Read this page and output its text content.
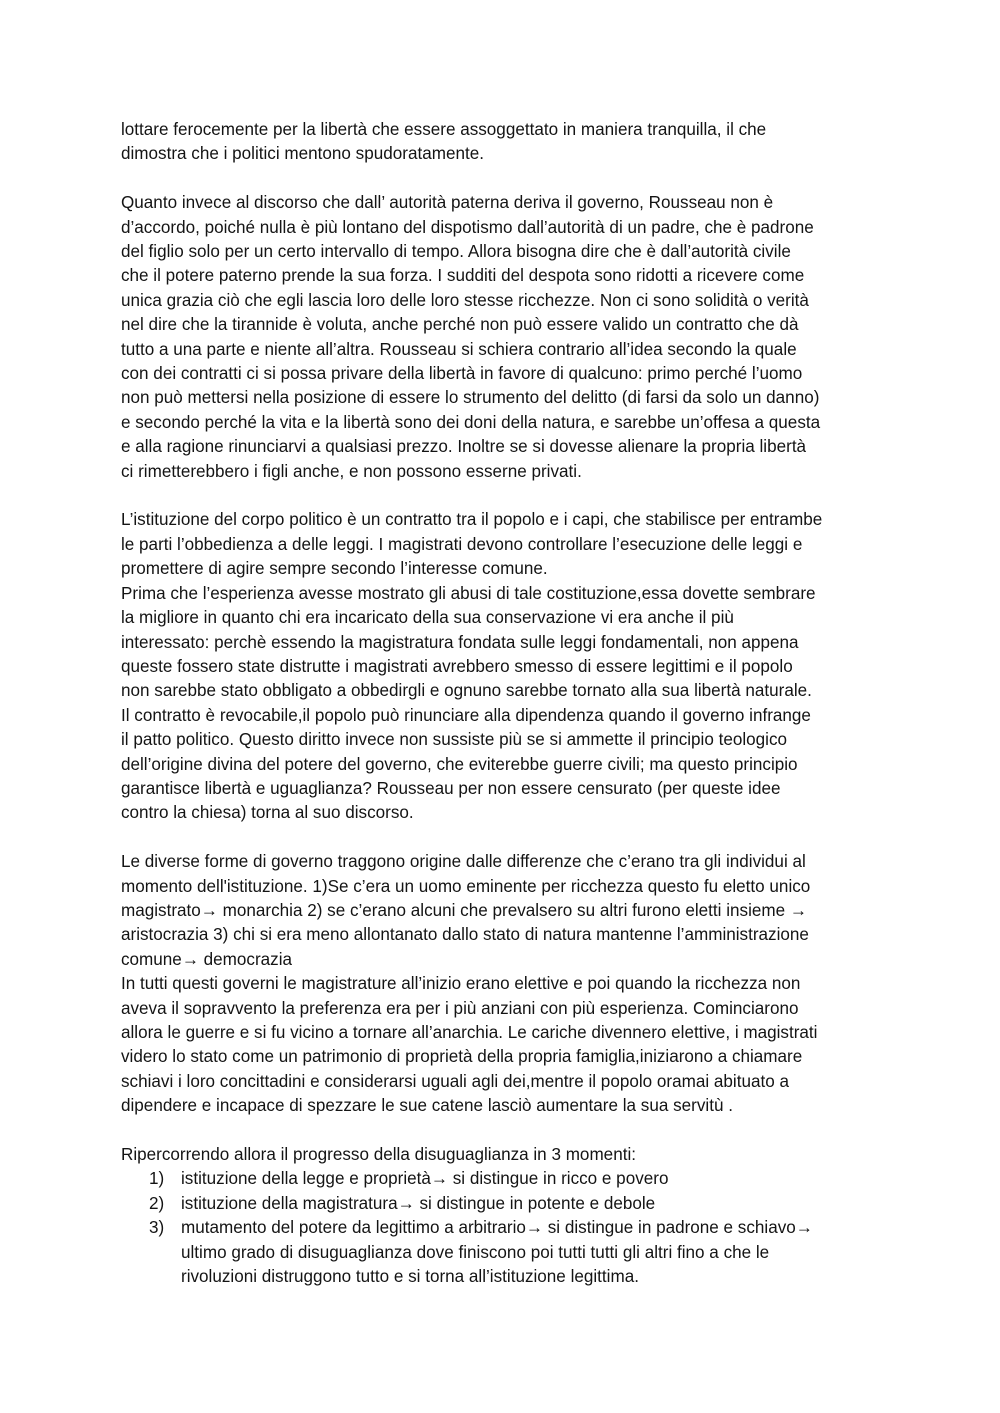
lottare ferocemente per la libertà che essere assoggettato in maniera tranquilla, il che
dimostra che i politici mentono spudoratamente.

Quanto invece al discorso che dall’ autorità paterna deriva il governo, Rousseau non è
d’accordo, poiché nulla è più lontano del dispotismo dall’autorità di un padre, che è padrone
del figlio solo per un certo intervallo di tempo. Allora bisogna dire che è dall’autorità civile
che il potere paterno prende la sua forza. I sudditi del despota sono ridotti a ricevere come
unica grazia ciò che egli lascia loro delle loro stesse ricchezze. Non ci sono solidità o verità
nel dire che la tirannide è voluta, anche perché non può essere valido un contratto che dà
tutto a una parte e niente all’altra. Rousseau si schiera contrario all’idea secondo la quale
con dei contratti ci si possa privare della libertà in favore di qualcuno: primo perché l’uomo
non può mettersi nella posizione di essere lo strumento del delitto (di farsi da solo un danno)
e secondo perché la vita e la libertà sono dei doni della natura, e sarebbe un’offesa a questa
e alla ragione rinunciarvi a qualsiasi prezzo. Inoltre se si dovesse alienare la propria libertà
ci rimetterebbero i figli anche, e non possono esserne privati.

L’istituzione del corpo politico è un contratto tra il popolo e i capi, che stabilisce per entrambe
le parti l’obbedienza a delle leggi. I magistrati devono controllare l’esecuzione delle leggi e
promettere di agire sempre secondo l’interesse comune.
Prima che l’esperienza avesse mostrato gli abusi di tale costituzione,essa dovette sembrare
la migliore in quanto chi era incaricato della sua conservazione vi era anche il più
interessato: perchè essendo la magistratura fondata sulle leggi fondamentali, non appena
queste fossero state distrutte i magistrati avrebbero smesso di essere legittimi e il popolo
non sarebbe stato obbligato a obbedirgli e ognuno sarebbe tornato alla sua libertà naturale.
Il contratto è revocabile,il popolo può rinunciare alla dipendenza quando il governo infrange
il patto politico. Questo diritto invece non sussiste più se si ammette il principio teologico
dell’origine divina del potere del governo, che eviterebbe guerre civili; ma questo principio
garantisce libertà e uguaglianza? Rousseau per non essere censurato (per queste idee
contro la chiesa) torna al suo discorso.

Le diverse forme di governo traggono origine dalle differenze che c’erano tra gli individui al
momento dell'istituzione. 1)Se c’era un uomo eminente per ricchezza questo fu eletto unico
magistrato→ monarchia 2) se c’erano alcuni che prevalsero su altri furono eletti insieme →
aristocrazia 3) chi si era meno allontanato dallo stato di natura mantenne l’amministrazione
comune→ democrazia
In tutti questi governi le magistrature all’inizio erano elettive e poi quando la ricchezza non
aveva il sopravvento la preferenza era per i più anziani con più esperienza. Cominciarono
allora le guerre e si fu vicino a tornare all’anarchia. Le cariche divennero elettive, i magistrati
videro lo stato come un patrimonio di proprietà della propria famiglia,iniziarono a chiamare
schiavi i loro concittadini e considerarsi uguali agli dei,mentre il popolo oramai abituato a
dipendere e incapace di spezzare le sue catene lasciò aumentare la sua servitù .

Ripercorrendo allora il progresso della disuguaglianza in 3 momenti:

1) istituzione della legge e proprietà→ si distingue in ricco e povero
2) istituzione della magistratura→ si distingue in potente e debole
3) mutamento del potere da legittimo a arbitrario→ si distingue in padrone e schiavo→
ultimo grado di disuguaglianza dove finiscono poi tutti tutti gli altri fino a che le
rivoluzioni distruggono tutto e si torna all’istituzione legittima.
